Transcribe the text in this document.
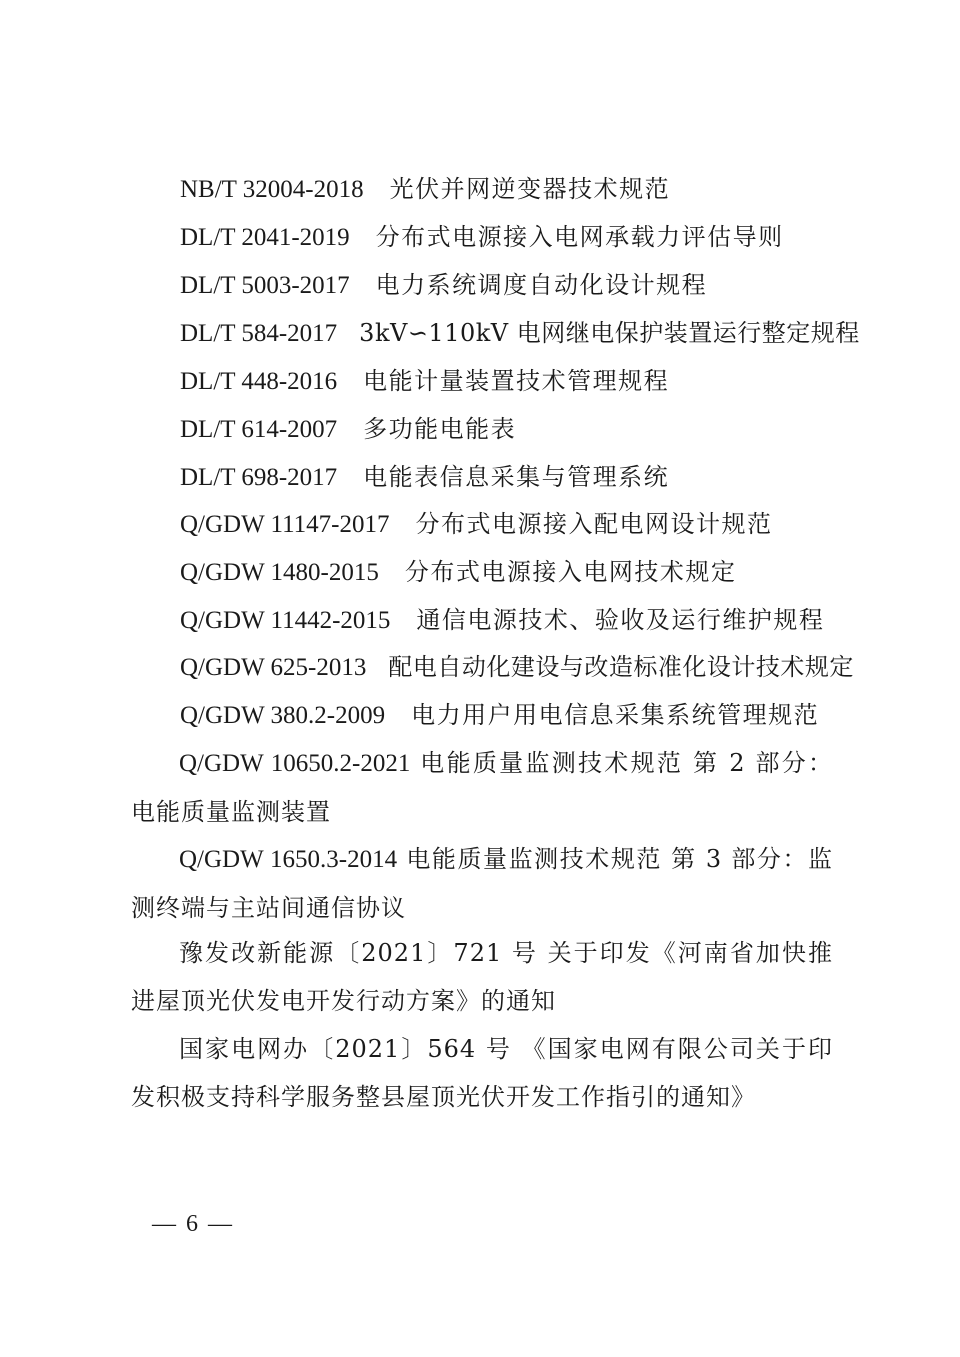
NB/T 32004-2018 光伏并网逆变器技术规范
DL/T 2041-2019 分布式电源接入电网承载力评估导则
DL/T 5003-2017 电力系统调度自动化设计规程
DL/T 584-2017 3kV∽110kV 电网继电保护装置运行整定规程
DL/T 448-2016 电能计量装置技术管理规程
DL/T 614-2007 多功能电能表
DL/T 698-2017 电能表信息采集与管理系统
Q/GDW 11147-2017 分布式电源接入配电网设计规范
Q/GDW 1480-2015 分布式电源接入电网技术规定
Q/GDW 11442-2015 通信电源技术、验收及运行维护规程
Q/GDW 625-2013 配电自动化建设与改造标准化设计技术规定
Q/GDW 380.2-2009 电力用户用电信息采集系统管理规范
Q/GDW 10650.2-2021 电能质量监测技术规范 第 2 部分：电能质量监测装置
Q/GDW 1650.3-2014 电能质量监测技术规范 第 3 部分：监测终端与主站间通信协议
豫发改新能源〔2021〕721 号 关于印发《河南省加快推进屋顶光伏发电开发行动方案》的通知
国家电网办〔2021〕564 号 《国家电网有限公司关于印发积极支持科学服务整县屋顶光伏开发工作指引的通知》
— 6 —
